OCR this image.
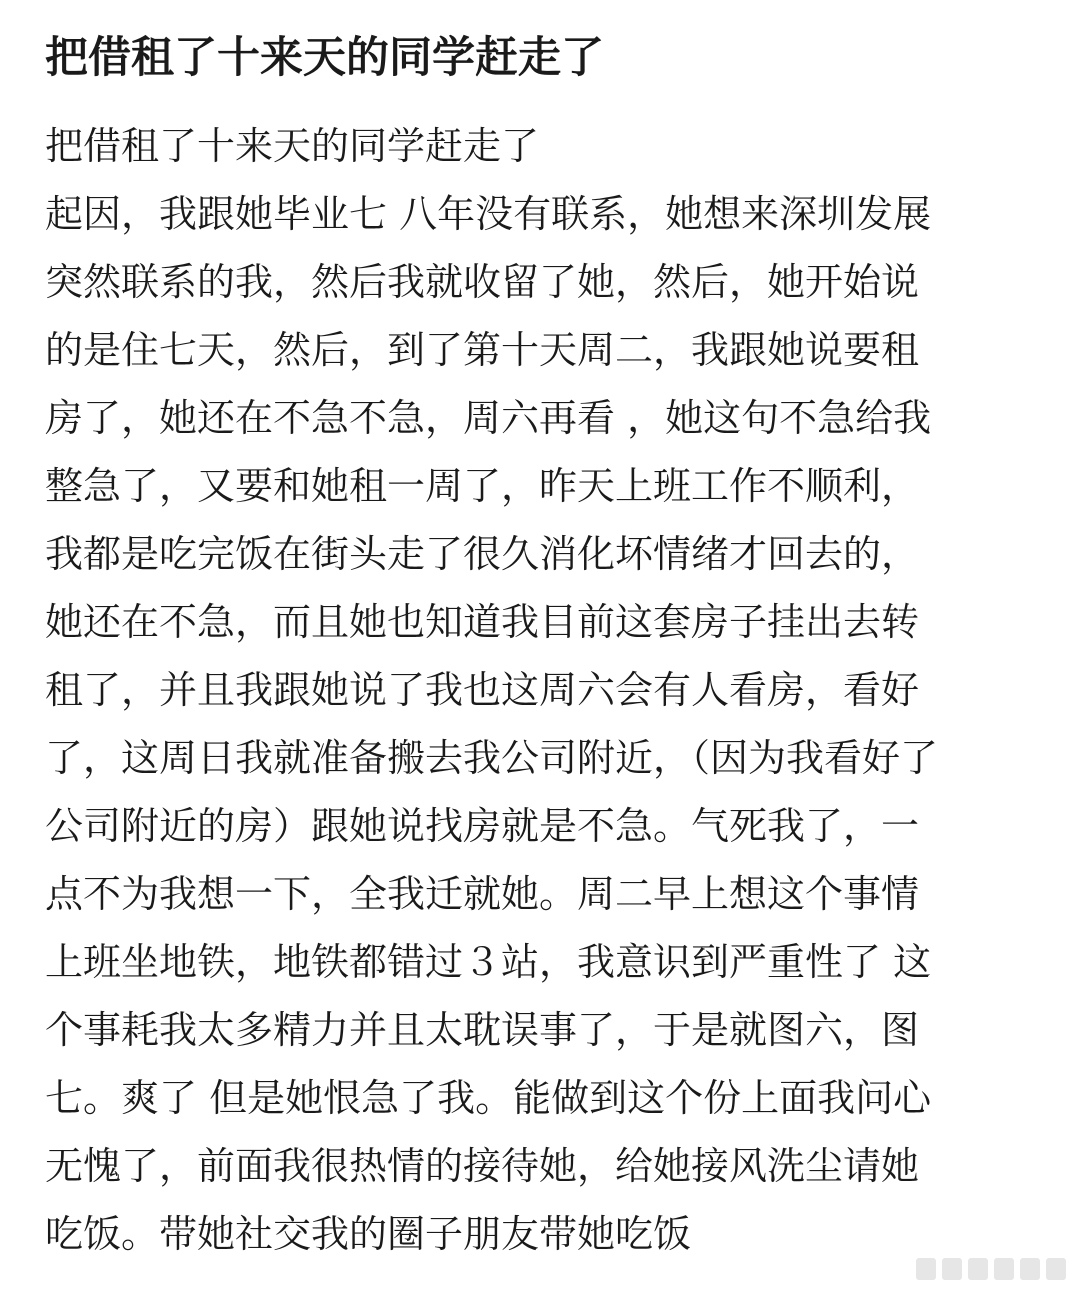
把借租了十来天的同学赶走了
把借租了十来天的同学赶走了
起因，我跟她毕业七 八年没有联系，她想来深圳发展
突然联系的我，然后我就收留了她，然后，她开始说
的是住七天，然后，到了第十天周二，我跟她说要租
房了，她还在不急不急，周六再看 ，她这句不急给我
整急了，又要和她租一周了，昨天上班工作不顺利，
我都是吃完饭在街头走了很久消化坏情绪才回去的，
她还在不急，而且她也知道我目前这套房子挂出去转
租了，并且我跟她说了我也这周六会有人看房，看好
了，这周日我就准备搬去我公司附近，（因为我看好了
公司附近的房）跟她说找房就是不急。气死我了，一
点不为我想一下，全我迁就她。周二早上想这个事情
上班坐地铁，地铁都错过３站，我意识到严重性了 这
个事耗我太多精力并且太耽误事了，于是就图六，图
七。爽了 但是她恨急了我。能做到这个份上面我问心
无愧了，前面我很热情的接待她，给她接风洗尘请她
吃饭。带她社交我的圈子朋友带她吃饭
